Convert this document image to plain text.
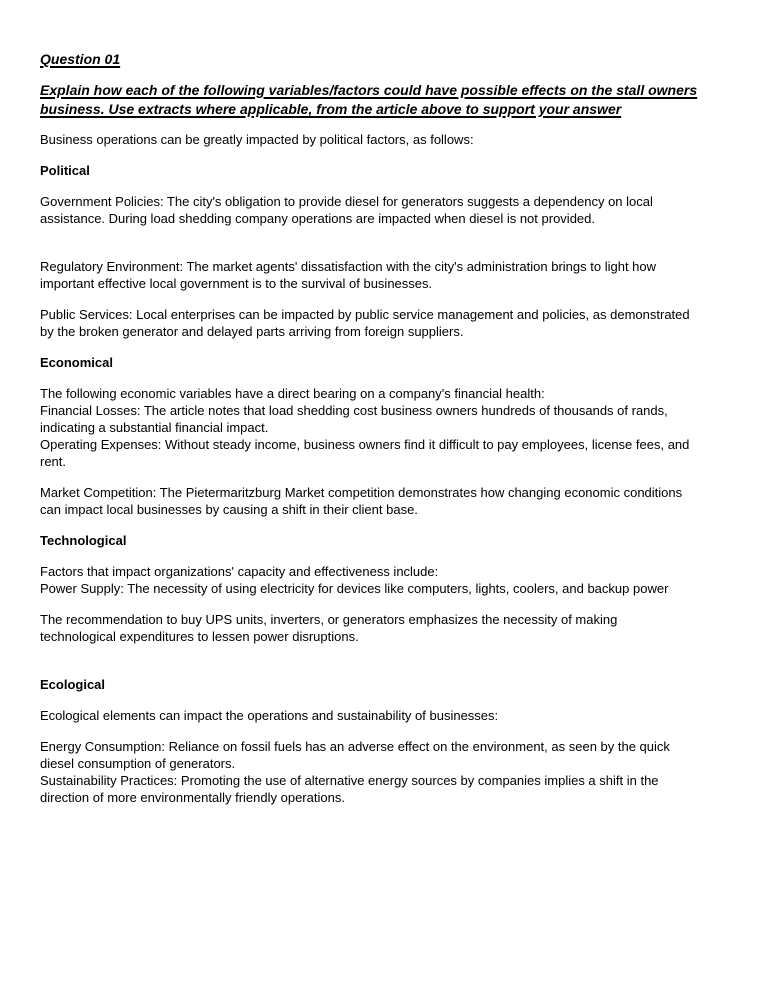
Question 01
Explain how each of the following variables/factors could have possible effects on the stall owners
business. Use extracts where applicable, from the article above to support your answer
Business operations can be greatly impacted by political factors, as follows:
Political
Government Policies: The city's obligation to provide diesel for generators suggests a dependency on local
assistance. During load shedding company operations are impacted when diesel is not provided.
Regulatory Environment: The market agents' dissatisfaction with the city's administration brings to light how
important effective local government is to the survival of businesses.
Public Services: Local enterprises can be impacted by public service management and policies, as demonstrated
by the broken generator and delayed parts arriving from foreign suppliers.
Economical
The following economic variables have a direct bearing on a company's financial health:
Financial Losses: The article notes that load shedding cost business owners hundreds of thousands of rands,
indicating a substantial financial impact.
Operating Expenses: Without steady income, business owners find it difficult to pay employees, license fees, and
rent.
Market Competition: The Pietermaritzburg Market competition demonstrates how changing economic conditions
can impact local businesses by causing a shift in their client base.
Technological
Factors that impact organizations' capacity and effectiveness include:
Power Supply: The necessity of using electricity for devices like computers, lights, coolers, and backup power
The recommendation to buy UPS units, inverters, or generators emphasizes the necessity of making
technological expenditures to lessen power disruptions.
Ecological
Ecological elements can impact the operations and sustainability of businesses:
Energy Consumption: Reliance on fossil fuels has an adverse effect on the environment, as seen by the quick
diesel consumption of generators.
Sustainability Practices: Promoting the use of alternative energy sources by companies implies a shift in the
direction of more environmentally friendly operations.
